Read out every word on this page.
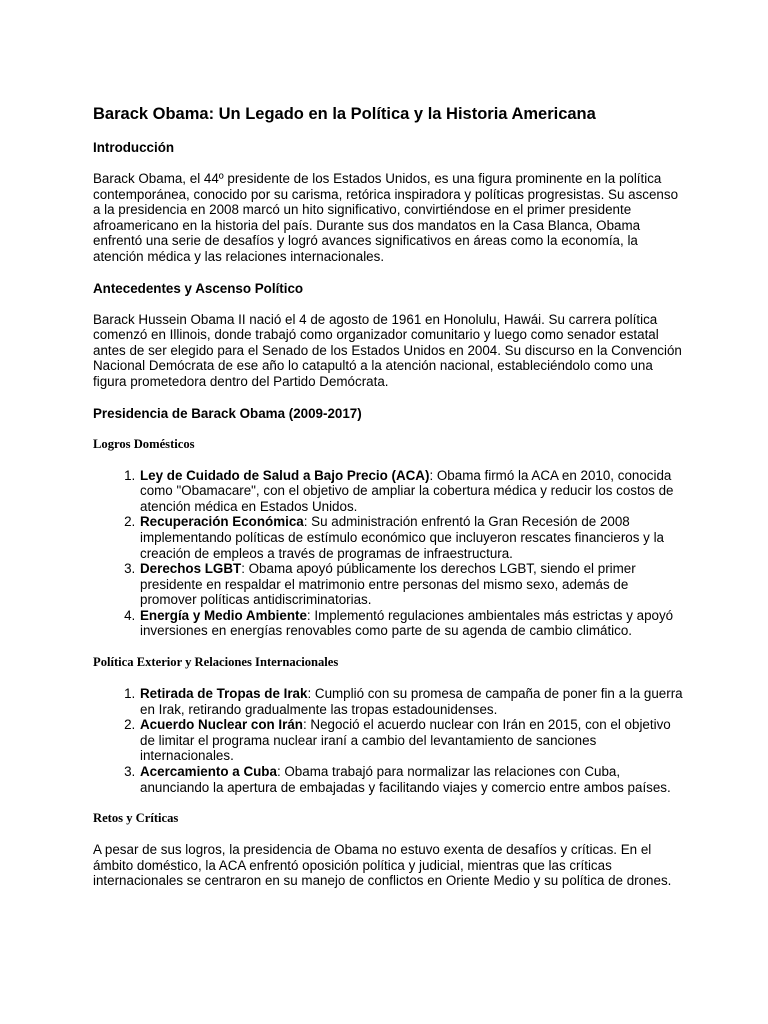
Barack Obama: Un Legado en la Política y la Historia Americana
Introducción

Barack Obama, el 44º presidente de los Estados Unidos, es una figura prominente en la política contemporánea, conocido por su carisma, retórica inspiradora y políticas progresistas. Su ascenso a la presidencia en 2008 marcó un hito significativo, convirtiéndose en el primer presidente afroamericano en la historia del país. Durante sus dos mandatos en la Casa Blanca, Obama enfrentó una serie de desafíos y logró avances significativos en áreas como la economía, la atención médica y las relaciones internacionales.

Antecedentes y Ascenso Político

Barack Hussein Obama II nació el 4 de agosto de 1961 en Honolulu, Hawái. Su carrera política comenzó en Illinois, donde trabajó como organizador comunitario y luego como senador estatal antes de ser elegido para el Senado de los Estados Unidos en 2004. Su discurso en la Convención Nacional Demócrata de ese año lo catapultó a la atención nacional, estableciéndolo como una figura prometedora dentro del Partido Demócrata.

Presidencia de Barack Obama (2009-2017)
Logros Domésticos
1. Ley de Cuidado de Salud a Bajo Precio (ACA): Obama firmó la ACA en 2010, conocida como "Obamacare", con el objetivo de ampliar la cobertura médica y reducir los costos de atención médica en Estados Unidos.
2. Recuperación Económica: Su administración enfrentó la Gran Recesión de 2008 implementando políticas de estímulo económico que incluyeron rescates financieros y la creación de empleos a través de programas de infraestructura.
3. Derechos LGBT: Obama apoyó públicamente los derechos LGBT, siendo el primer presidente en respaldar el matrimonio entre personas del mismo sexo, además de promover políticas antidiscriminatorias.
4. Energía y Medio Ambiente: Implementó regulaciones ambientales más estrictas y apoyó inversiones en energías renovables como parte de su agenda de cambio climático.
Política Exterior y Relaciones Internacionales
1. Retirada de Tropas de Irak: Cumplió con su promesa de campaña de poner fin a la guerra en Irak, retirando gradualmente las tropas estadounidenses.
2. Acuerdo Nuclear con Irán: Negoció el acuerdo nuclear con Irán en 2015, con el objetivo de limitar el programa nuclear iraní a cambio del levantamiento de sanciones internacionales.
3. Acercamiento a Cuba: Obama trabajó para normalizar las relaciones con Cuba, anunciando la apertura de embajadas y facilitando viajes y comercio entre ambos países.
Retos y Críticas

A pesar de sus logros, la presidencia de Obama no estuvo exenta de desafíos y críticas. En el ámbito doméstico, la ACA enfrentó oposición política y judicial, mientras que las críticas internacionales se centraron en su manejo de conflictos en Oriente Medio y su política de drones.
